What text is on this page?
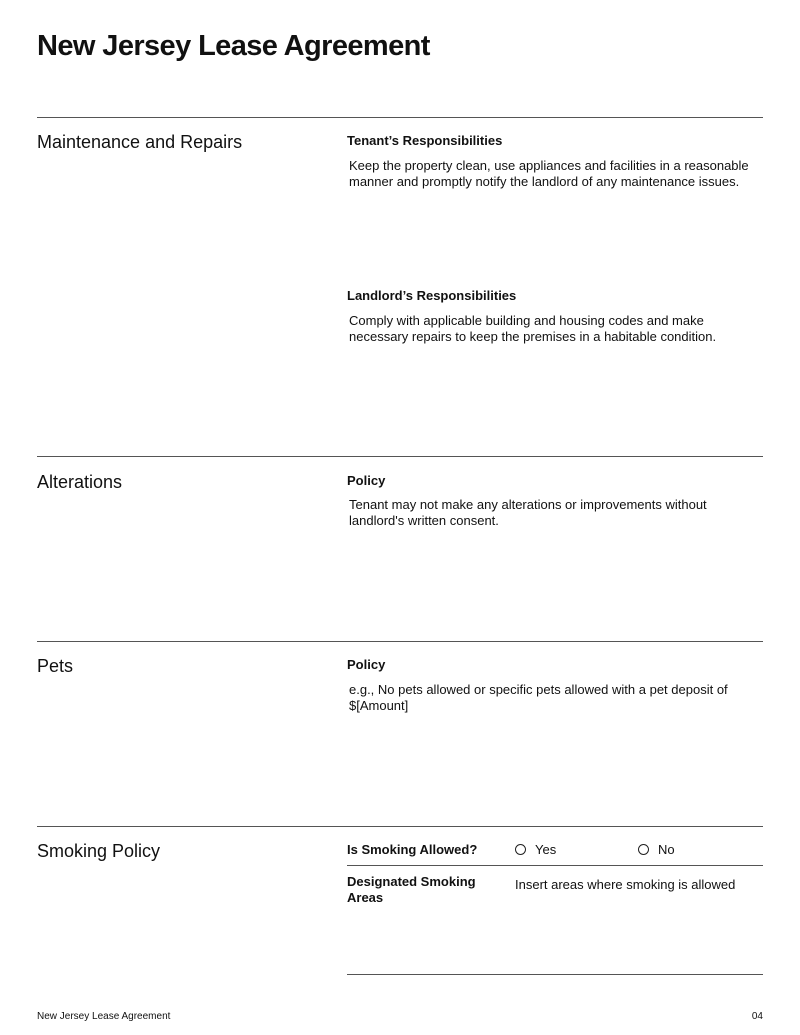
New Jersey Lease Agreement
Maintenance and Repairs	Tenant’s Responsibilities
Keep the property clean, use appliances and facilities in a reasonable manner and promptly notify the landlord of any maintenance issues.
Landlord’s Responsibilities
Comply with applicable building and housing codes and make necessary repairs to keep the premises in a habitable condition.
Alterations	Policy
Tenant may not make any alterations or improvements without landlord's written consent.
Pets	Policy
e.g., No pets allowed or specific pets allowed with a pet deposit of $[Amount]
Smoking Policy	Is Smoking Allowed?	Yes	No
Designated Smoking Areas
Insert areas where smoking is allowed
New Jersey Lease Agreement	04
